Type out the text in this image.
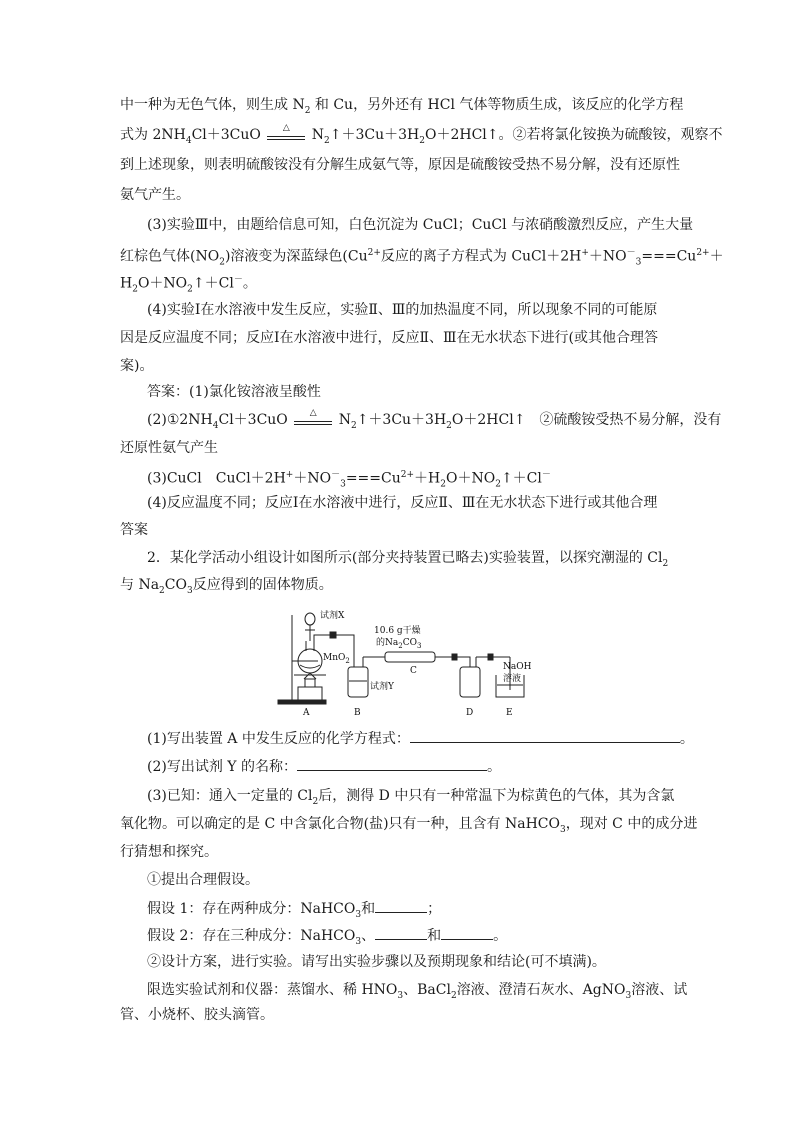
中一种为无色气体，则生成 $N_2$ 和 Cu，另外还有 HCl 气体等物质生成，该反应的化学方程
式为 $2NH_4Cl+3CuO$	△	$N_2↑+3Cu+3H_2O+2HCl↑$。②若将氯化铵换为硫酸铵，观察不
到上述现象，则表明硫酸铵没有分解生成氨气等，原因是硫酸铵受热不易分解，没有还原性
氨气产生。
(3)实验Ⅲ中，由题给信息可知，白色沉淀为 CuCl；CuCl 与浓硝酸激烈反应，产生大量
红棕色气体$(NO_2)$溶液变为深蓝绿色($Cu^{2+}$反应的离子方程式为 $CuCl+2H^++NO^-_3===Cu^{2+}+$
$H_2O+NO_2↑+Cl^-$。
(4)实验Ⅰ在水溶液中发生反应，实验Ⅱ、Ⅲ的加热温度不同，所以现象不同的可能原
因是反应温度不同；反应Ⅰ在水溶液中进行，反应Ⅱ、Ⅲ在无水状态下进行(或其他合理答
案)。
答案：(1)氯化铵溶液呈酸性
$(2)①2NH_4Cl+3CuO$	△	$N_2↑+3Cu+3H_2O+2HCl↑$　②硫酸铵受热不易分解，没有
还原性氨气产生
(3)CuCl　$CuCl+2H^++NO^-_3===Cu^{2+}+H_2O+NO_2↑+Cl^-$
(4)反应温度不同；反应Ⅰ在水溶液中进行，反应Ⅱ、Ⅲ在无水状态下进行或其他合理
答案
2．某化学活动小组设计如图所示(部分夹持装置已略去)实验装置，以探究潮湿的 $Cl_2$
与 $Na_2CO_3$反应得到的固体物质。
(1)写出装置 A 中发生反应的化学方程式：	。
(2)写出试剂 Y 的名称：	。
(3)已知：通入一定量的 $Cl_2$后，测得 D 中只有一种常温下为棕黄色的气体，其为含氯
氧化物。可以确定的是 C 中含氯化合物(盐)只有一种，且含有 NaHCO$_3$，现对 C 中的成分进
行猜想和探究。
①提出合理假设。
假设 1：存在两种成分：NaHCO$_3$和	；
假设 2：存在三种成分：NaHCO$_3$、	和	。
②设计方案，进行实验。请写出实验步骤以及预期现象和结论(可不填满)。
限选实验试剂和仪器：蒸馏水、稀 $HNO_3$、BaCl$_2$溶液、澄清石灰水、AgNO$_3$溶液、试
管、小烧杯、胶头滴管。
试剂X
MnO$_2$
10.6 g干燥
的$Na_2CO_3$
C
试剂Y
NaOH
溶液
A	B	D	E
